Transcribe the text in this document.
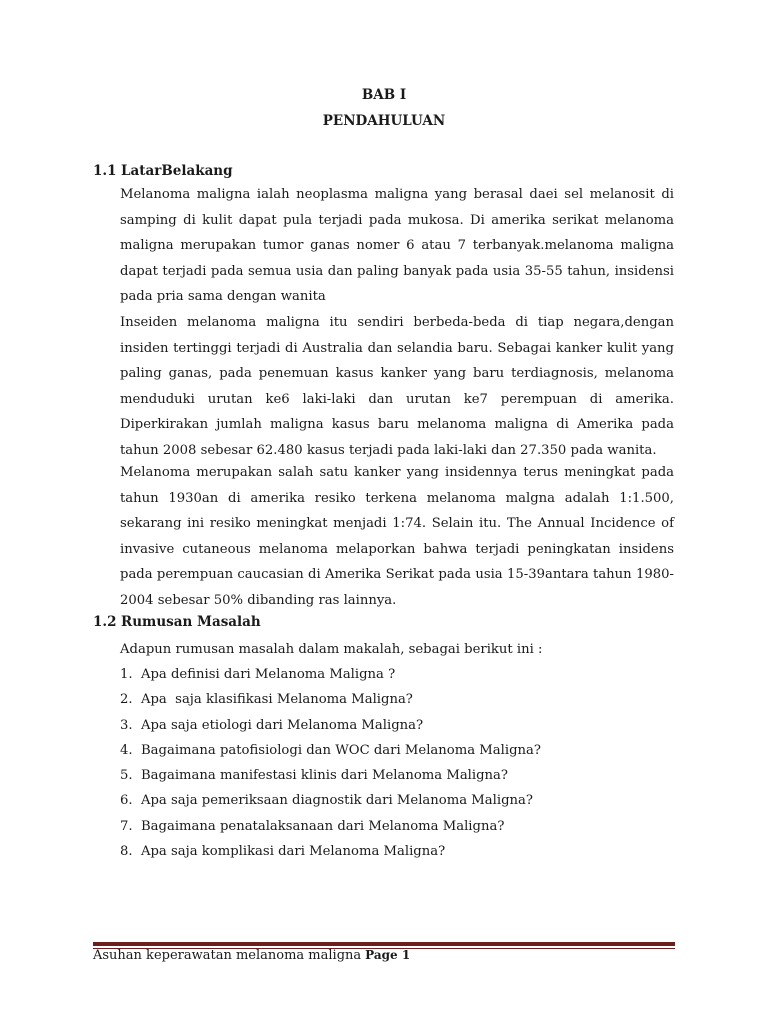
BAB I
PENDAHULUAN
1.1 LatarBelakang

Melanoma maligna ialah neoplasma maligna yang berasal daei sel melanosit di samping di kulit dapat pula terjadi pada mukosa. Di amerika serikat melanoma maligna merupakan tumor ganas nomer 6 atau 7 terbanyak.melanoma maligna dapat terjadi pada semua usia dan paling banyak pada usia 35-55 tahun, insidensi pada pria sama dengan wanita

Inseiden melanoma maligna itu sendiri berbeda-beda di tiap negara,dengan insiden tertinggi terjadi di Australia dan selandia baru. Sebagai kanker kulit yang paling ganas, pada penemuan kasus kanker yang baru terdiagnosis, melanoma menduduki urutan ke6 laki-laki dan urutan ke7 perempuan di amerika. Diperkirakan jumlah maligna kasus baru melanoma maligna di Amerika pada tahun 2008 sebesar 62.480 kasus terjadi pada laki-laki dan 27.350 pada wanita.

Melanoma merupakan salah satu kanker yang insidennya terus meningkat pada tahun 1930an di amerika resiko terkena melanoma malgna adalah 1:1.500, sekarang ini resiko meningkat menjadi 1:74. Selain itu. The Annual Incidence of invasive cutaneous melanoma melaporkan bahwa terjadi peningkatan insidens pada perempuan caucasian di Amerika Serikat pada usia 15-39antara tahun 1980-2004 sebesar 50% dibanding ras lainnya.

1.2 Rumusan Masalah

Adapun rumusan masalah dalam makalah, sebagai berikut ini :

1.  Apa definisi dari Melanoma Maligna ?
2.  Apa  saja klasifikasi Melanoma Maligna?
3.  Apa saja etiologi dari Melanoma Maligna?
4.  Bagaimana patofisiologi dan WOC dari Melanoma Maligna?
5.  Bagaimana manifestasi klinis dari Melanoma Maligna?
6.  Apa saja pemeriksaan diagnostik dari Melanoma Maligna?
7.  Bagaimana penatalaksanaan dari Melanoma Maligna?
8.  Apa saja komplikasi dari Melanoma Maligna?
Asuhan keperawatan melanoma maligna Page 1
